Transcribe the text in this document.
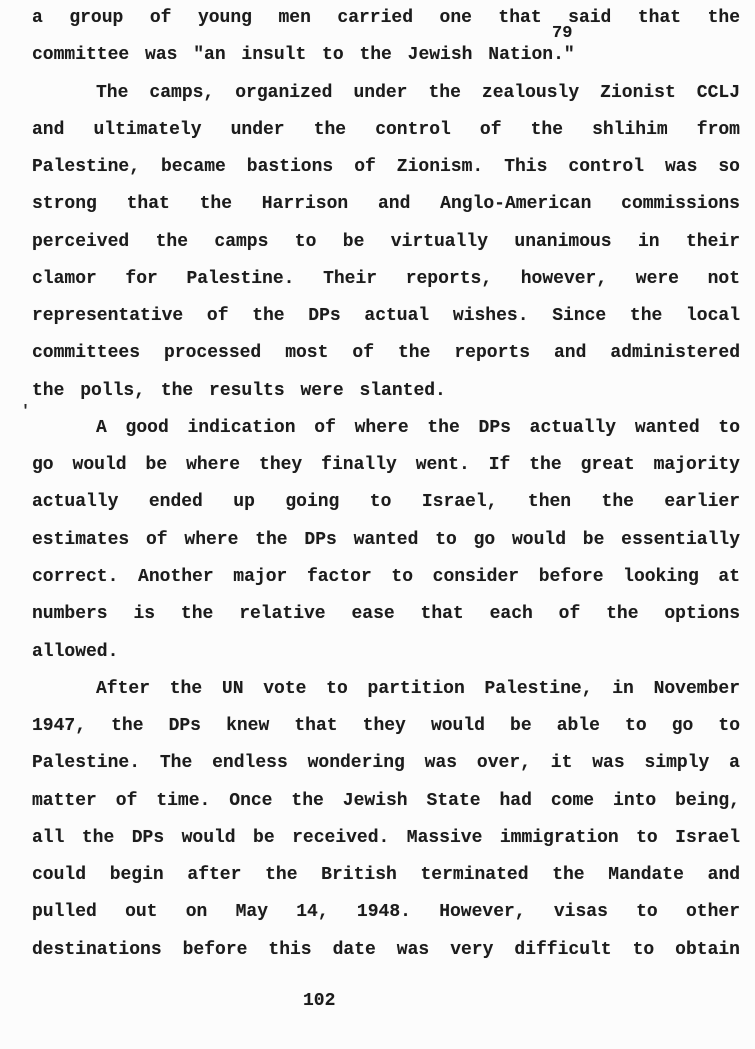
79
'
a group of young men carried one that said that the
committee was "an insult to the Jewish Nation."
The camps, organized under the zealously Zionist CCLJ
and ultimately under the control of the shlihim from
Palestine, became bastions of Zionism. This control was so
strong that the Harrison and Anglo-American commissions
perceived the camps to be virtually unanimous in their
clamor for Palestine. Their reports, however, were not
representative of the DPs actual wishes. Since the local
committees processed most of the reports and administered
the polls, the results were slanted.
A good indication of where the DPs actually wanted to
go would be where they finally went. If the great majority
actually ended up going to Israel, then the earlier
estimates of where the DPs wanted to go would be essentially
correct. Another major factor to consider before looking at
numbers is the relative ease that each of the options
allowed.
After the UN vote to partition Palestine, in November
1947, the DPs knew that they would be able to go to
Palestine. The endless wondering was over, it was simply a
matter of time. Once the Jewish State had come into being,
all the DPs would be received. Massive immigration to Israel
could begin after the British terminated the Mandate and
pulled out on May 14, 1948. However, visas to other
destinations before this date was very difficult to obtain
102
